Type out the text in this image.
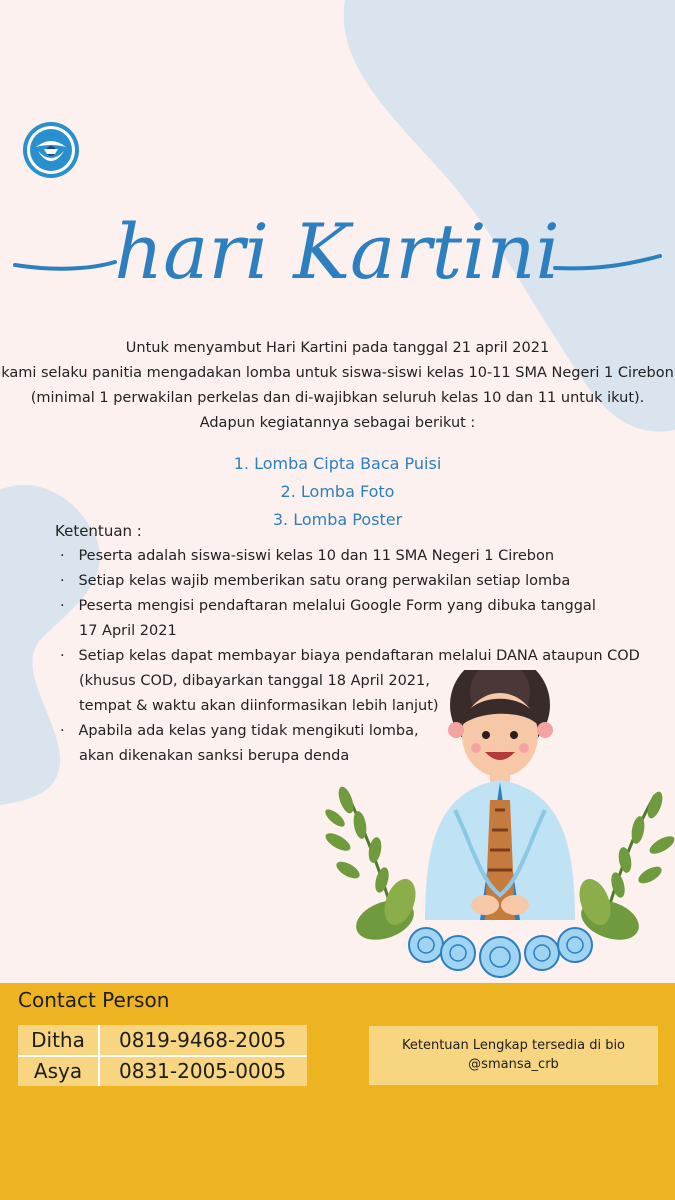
hari Kartini
Untuk menyambut Hari Kartini pada tanggal 21 april 2021
kami selaku panitia mengadakan lomba untuk siswa-siswi kelas 10-11 SMA Negeri 1 Cirebon
(minimal 1 perwakilan perkelas dan di-wajibkan seluruh kelas 10 dan 11 untuk ikut).
Adapun kegiatannya sebagai berikut :
1. Lomba Cipta Baca Puisi
2. Lomba Foto
3. Lomba Poster
Ketentuan :
·   Peserta adalah siswa-siswi kelas 10 dan 11 SMA Negeri 1 Cirebon
·   Setiap kelas wajib memberikan satu orang perwakilan setiap lomba
·   Peserta mengisi pendaftaran melalui Google Form yang dibuka tanggal
17 April 2021
·   Setiap kelas dapat membayar biaya pendaftaran melalui DANA ataupun COD
(khusus COD, dibayarkan tanggal 18 April 2021,
tempat & waktu akan diinformasikan lebih lanjut)
·   Apabila ada kelas yang tidak mengikuti lomba,
akan dikenakan sanksi berupa denda
Contact Person
Ditha	0819-9468-2005
Asya	0831-2005-0005
Ketentuan Lengkap tersedia di bio
@smansa_crb
